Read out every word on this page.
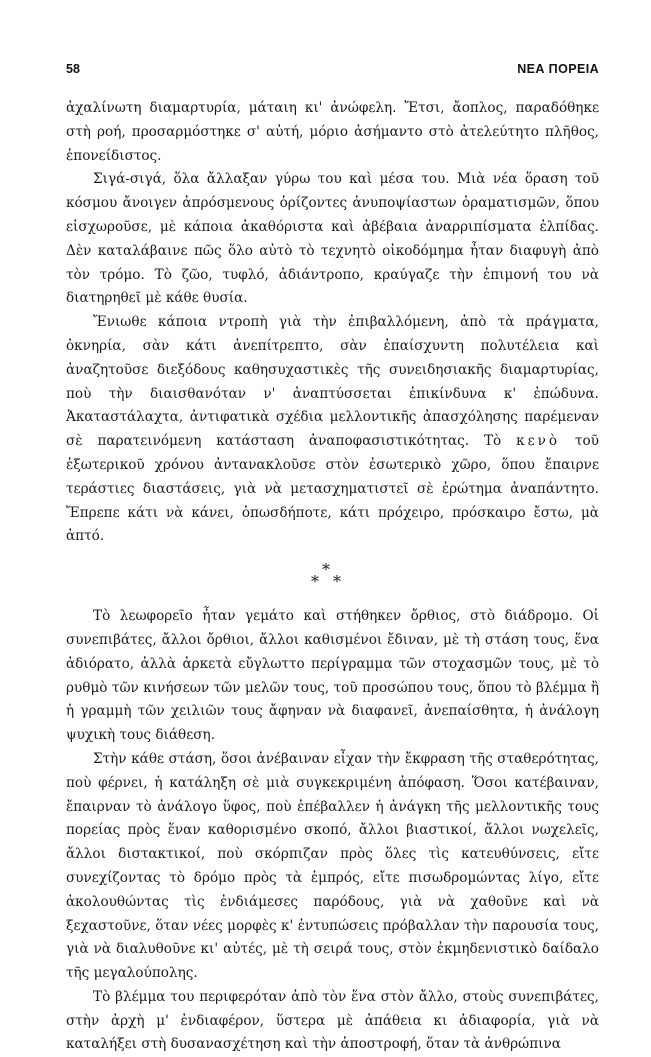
58	ΝΕΑ ΠΟΡΕΙΑ

ἀχαλίνωτη διαμαρτυρία, μάταιη κι' ἀνώφελη. Ἔτσι, ἄοπλος, παραδόθηκε στὴ ροή, προσαρμόστηκε σ' αὐτή, μόριο ἀσήμαντο στὸ ἀτελεύτητο πλῆθος, ἐπονείδιστος.

Σιγά-σιγά, ὅλα ἄλλαξαν γύρω του καὶ μέσα του. Μιὰ νέα ὅραση τοῦ κόσμου ἄνοιγεν ἀπρόσμενους ὁρίζοντες ἀνυποψίαστων ὁραματισμῶν, ὅπου εἰσχωροῦσε, μὲ κάποια ἀκαθόριστα καὶ ἀβέβαια ἀναρριπίσματα ἐλπίδας. Δὲν καταλάβαινε πῶς ὅλο αὐτὸ τὸ τεχνητὸ οἰκοδόμημα ἦταν διαφυγὴ ἀπὸ τὸν τρόμο. Τὸ ζῶο, τυφλό, ἀδιάντροπο, κραύγαζε τὴν ἐπιμονή του νὰ διατηρηθεῖ μὲ κάθε θυσία.

Ἔνιωθε κάποια ντροπὴ γιὰ τὴν ἐπιβαλλόμενη, ἀπὸ τὰ πράγματα, ὀκνηρία, σὰν κάτι ἀνεπίτρεπτο, σὰν ἐπαίσχυντη πολυτέλεια καὶ ἀναζητοῦσε διεξόδους καθησυχαστικὲς τῆς συνειδησιακῆς διαμαρτυρίας, ποὺ τὴν διαισθανόταν ν' ἀναπτύσσεται ἐπικίνδυνα κ' ἐπώδυνα. Ἀκαταστάλαχτα, ἀντιφατικὰ σχέδια μελλοντικῆς ἀπασχόλησης παρέμεναν σὲ παρατεινόμενη κατάσταση ἀναποφασιστικότητας. Τὸ κενὸ τοῦ ἐξωτερικοῦ χρόνου ἀντανακλοῦσε στὸν ἐσωτερικὸ χῶρο, ὅπου ἔπαιρνε τεράστιες διαστάσεις, γιὰ νὰ μετασχηματιστεῖ σὲ ἐρώτημα ἀναπάντητο. Ἔπρεπε κάτι νὰ κάνει, ὁπωσδήποτε, κάτι πρόχειρο, πρόσκαιρο ἔστω, μὰ ἀπτό.

*
* *

Τὸ λεωφορεῖο ἦταν γεμάτο καὶ στήθηκεν ὄρθιος, στὸ διάδρομο. Οἱ συνεπιβάτες, ἄλλοι ὄρθιοι, ἄλλοι καθισμένοι ἔδιναν, μὲ τὴ στάση τους, ἕνα ἀδιόρατο, ἀλλὰ ἀρκετὰ εὔγλωττο περίγραμμα τῶν στοχασμῶν τους, μὲ τὸ ρυθμὸ τῶν κινήσεων τῶν μελῶν τους, τοῦ προσώπου τους, ὅπου τὸ βλέμμα ἢ ἡ γραμμὴ τῶν χειλιῶν τους ἄφηναν νὰ διαφανεῖ, ἀνεπαίσθητα, ἡ ἀνάλογη ψυχικὴ τους διάθεση.

Στὴν κάθε στάση, ὅσοι ἀνέβαιναν εἶχαν τὴν ἔκφραση τῆς σταθερότητας, ποὺ φέρνει, ἡ κατάληξη σὲ μιὰ συγκεκριμένη ἀπόφαση. Ὅσοι κατέβαιναν, ἔπαιρναν τὸ ἀνάλογο ὕφος, ποὺ ἐπέβαλλεν ἡ ἀνάγκη τῆς μελλοντικῆς τους πορείας πρὸς ἕναν καθορισμένο σκοπό, ἄλλοι βιαστικοί, ἄλλοι νωχελεῖς, ἄλλοι διστακτικοί, ποὺ σκόρπιζαν πρὸς ὅλες τὶς κατευθύνσεις, εἴτε συνεχίζοντας τὸ δρόμο πρὸς τὰ ἐμπρός, εἴτε πισωδρομώντας λίγο, εἴτε ἀκολουθώντας τὶς ἐνδιάμεσες παρόδους, γιὰ νὰ χαθοῦνε καὶ νὰ ξεχαστοῦνε, ὅταν νέες μορφὲς κ' ἐντυπώσεις πρόβαλλαν τὴν παρουσία τους, γιὰ νὰ διαλυθοῦνε κι' αὐτές, μὲ τὴ σειρά τους, στὸν ἐκμηδενιστικὸ δαίδαλο τῆς μεγαλούπολης.

Τὸ βλέμμα του περιφερόταν ἀπὸ τὸν ἕνα στὸν ἄλλο, στοὺς συνεπιβάτες, στὴν ἀρχὴ μ' ἐνδιαφέρον, ὕστερα μὲ ἀπάθεια κι ἀδιαφορία, γιὰ νὰ καταλήξει στὴ δυσανασχέτηση καὶ τὴν ἀποστροφή, ὅταν τὰ ἀνθρώπινα
